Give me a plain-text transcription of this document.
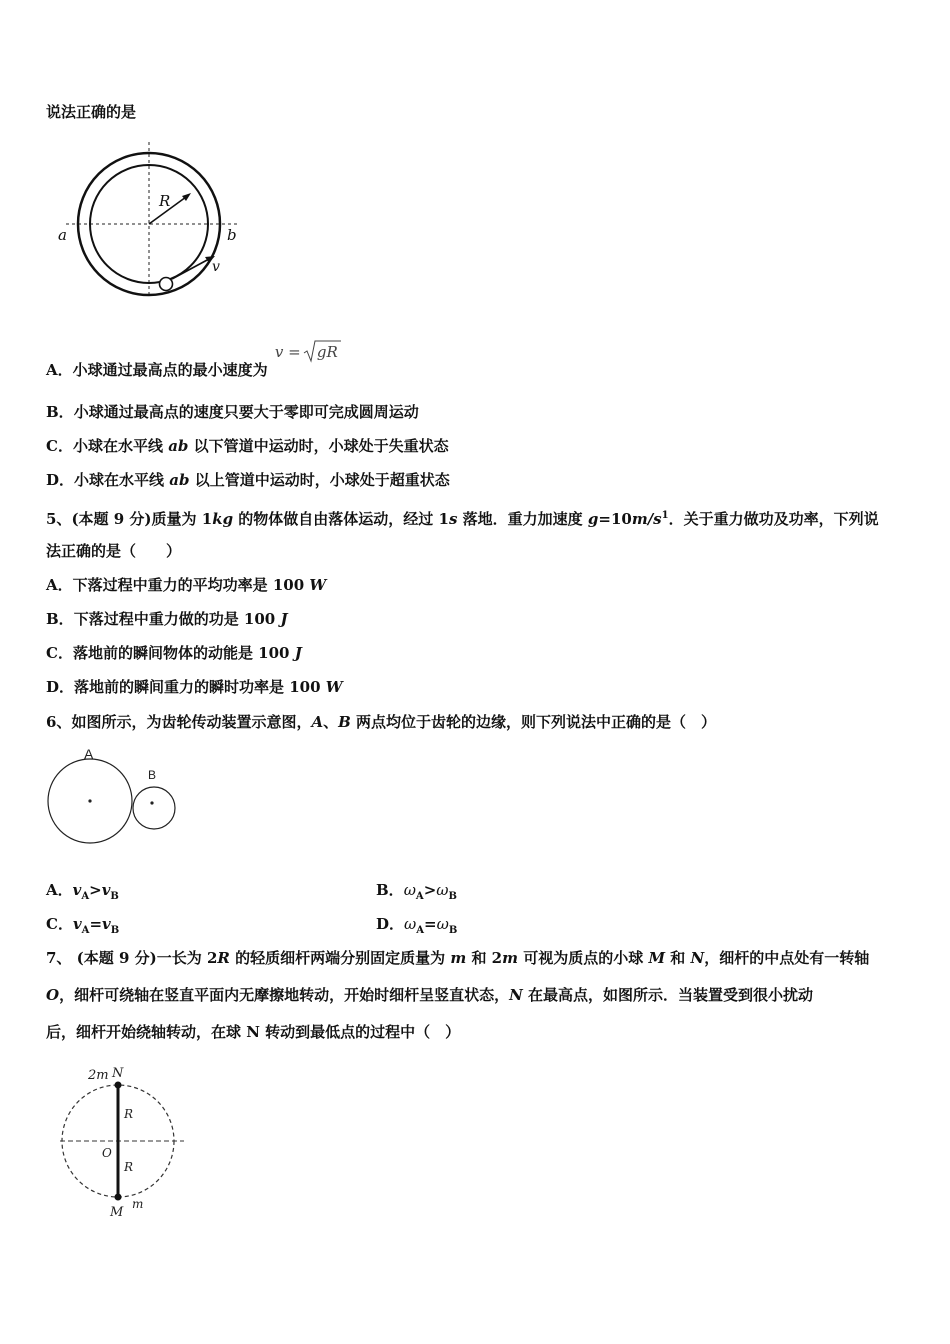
说法正确的是
R
a	b
v
A．小球通过最高点的最小速度为
v = gR
B．小球通过最高点的速度只要大于零即可完成圆周运动
C．小球在水平线 ab 以下管道中运动时，小球处于失重状态
D．小球在水平线 ab 以上管道中运动时，小球处于超重状态
5、(本题 9 分)质量为 1kg 的物体做自由落体运动，经过 1s 落地．重力加速度 $g=10m/s^1$．关于重力做功及功率，下列说
法正确的是（　　）
A．下落过程中重力的平均功率是 100 W
B．下落过程中重力做的功是 100 J
C．落地前的瞬间物体的动能是 100 J
D．落地前的瞬间重力的瞬时功率是 100 W
6、如图所示，为齿轮传动装置示意图，A、B 两点均位于齿轮的边缘，则下列说法中正确的是（　）
A
B
A．$v_A>v_B$	B．$\omega_A>\omega_B$
C．$v_A=v_B$	D．$\omega_A=\omega_B$
7、 (本题 9 分)一长为 2R 的轻质细杆两端分别固定质量为 m 和 2m 可视为质点的小球 M 和 N，细杆的中点处有一转轴
O，细杆可绕轴在竖直平面内无摩擦地转动，开始时细杆呈竖直状态，N 在最高点，如图所示．当装置受到很小扰动
后，细杆开始绕轴转动，在球 N 转动到最低点的过程中（　）
2m N
R
O
R
M
m
